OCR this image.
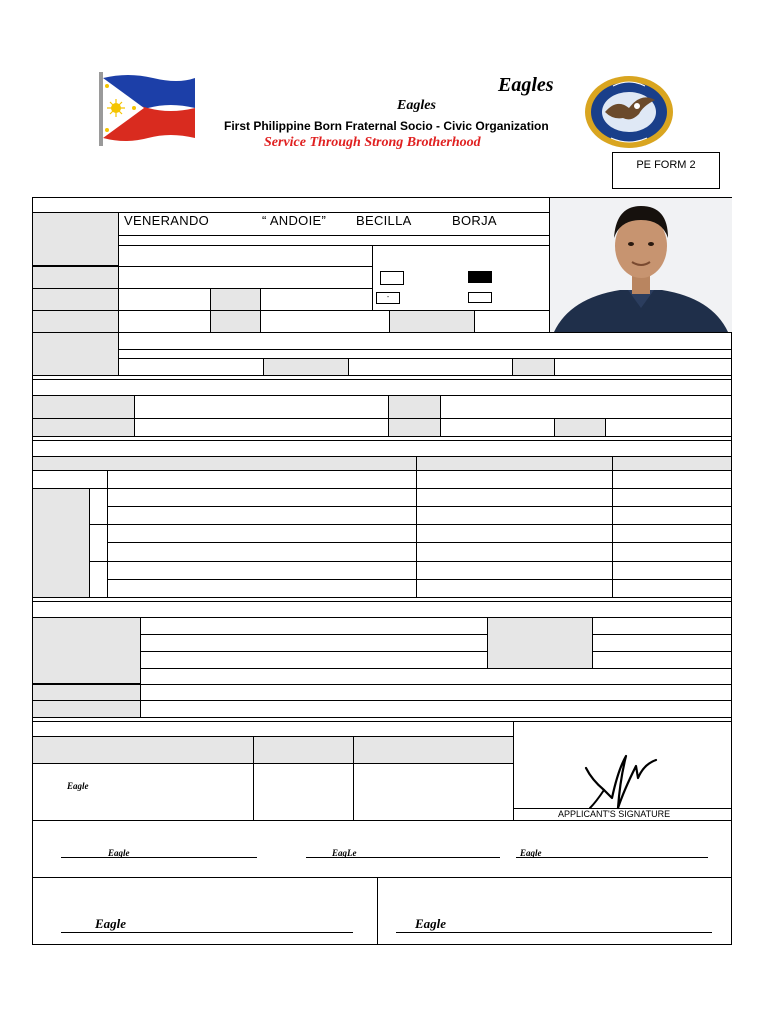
Eagles
Eagles
First Philippine Born Fraternal Socio - Civic Organization
Service Through Strong Brotherhood
PE FORM 2
VENERANDO	“ ANDOIE” BECILLA	BORJA
-
Eagle
APPLICANT'S SIGNATURE
Eagle	EagLe	Eagle
Eagle	Eagle
